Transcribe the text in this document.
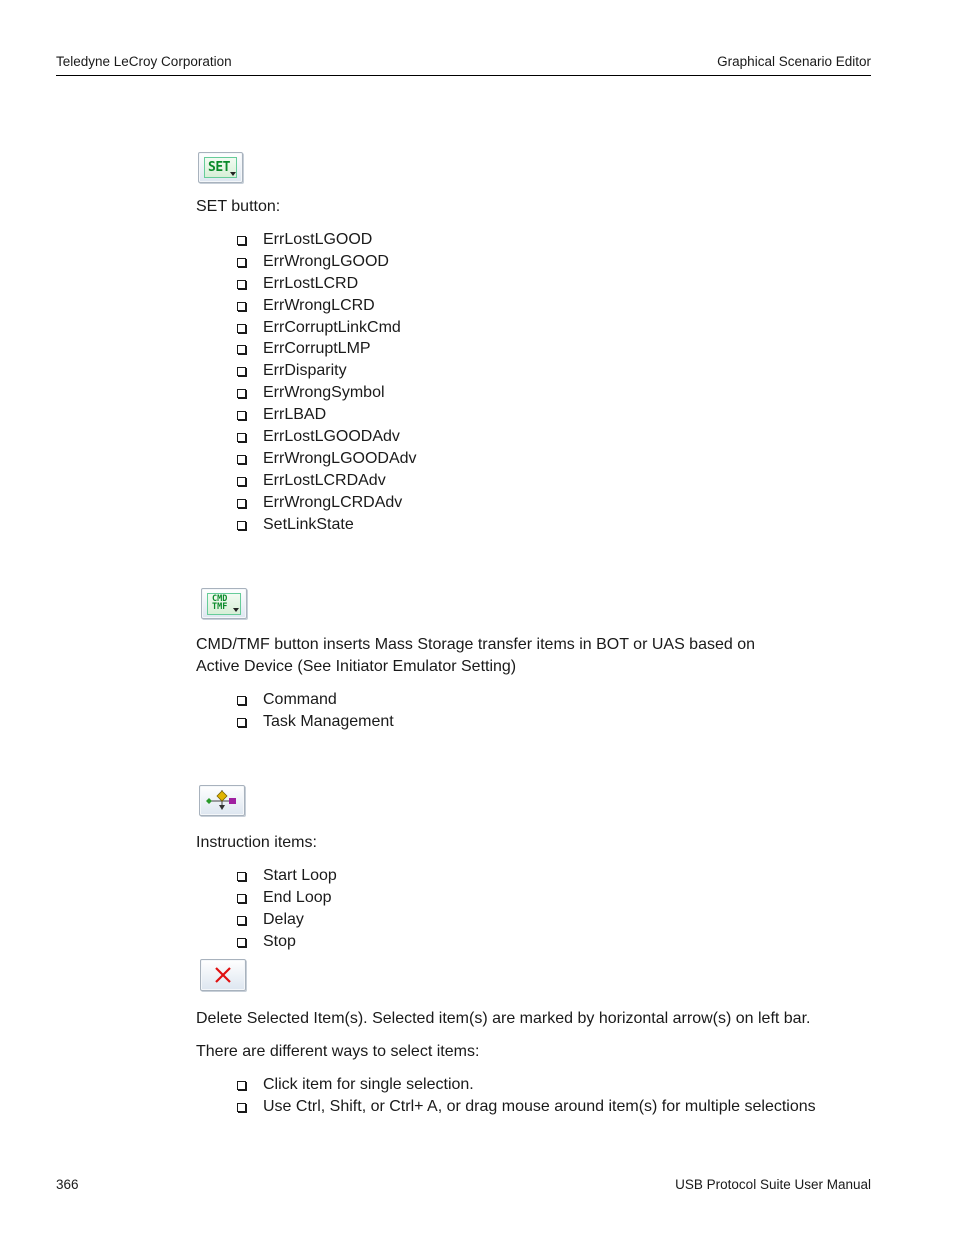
Teledyne LeCroy Corporation	Graphical Scenario Editor
SET
SET button:
ErrLostLGOOD
ErrWrongLGOOD
ErrLostLCRD
ErrWrongLCRD
ErrCorruptLinkCmd
ErrCorruptLMP
ErrDisparity
ErrWrongSymbol
ErrLBAD
ErrLostLGOODAdv
ErrWrongLGOODAdv
ErrLostLCRDAdv
ErrWrongLCRDAdv
SetLinkState
CMD
TMF
CMD/TMF button inserts Mass Storage transfer items in BOT or UAS based on
Active Device (See Initiator Emulator Setting)
Command
Task Management
Instruction items:
Start Loop
End Loop
Delay
Stop
Delete Selected Item(s). Selected item(s) are marked by horizontal arrow(s) on left bar.
There are different ways to select items:
Click item for single selection.
Use Ctrl, Shift, or Ctrl+ A, or drag mouse around item(s) for multiple selections
366	USB Protocol Suite User Manual
